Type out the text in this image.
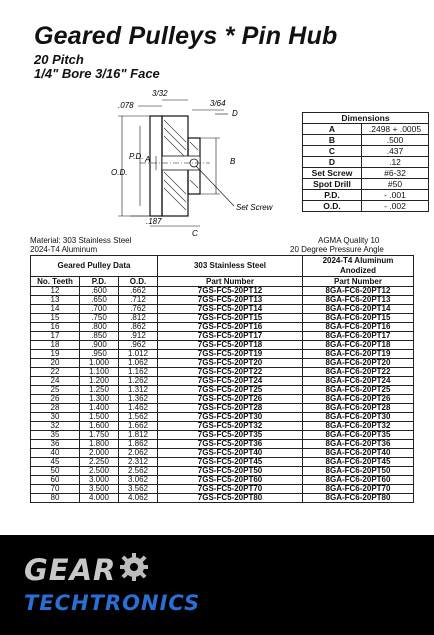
Geared Pulleys * Pin Hub
20 Pitch
1/4" Bore 3/16" Face
3/32
.078	3/64
D
A
P.D.
O.D.
B
Set Screw
C
.187
Dimensions	
A	.2498 + .0005
B	.500
C	.437
D	.12
Set Screw	#6-32
Spot Drill	#50
P.D.	- .001
O.D.	- .002
Material: 303 Stainless Steel
2024-T4 Aluminum
AGMA Quality 10
20 Degree Pressure Angle
Geared Pulley Data			303 Stainless Steel	2024-T4 Aluminum Anodized
No. Teeth	P.D.	O.D.	Part Number	Part Number
12	.600	.662	7GS-FC5-20PT12	8GA-FC6-20PT12
13	.650	.712	7GS-FC5-20PT13	8GA-FC6-20PT13
14	.700	.762	7GS-FC5-20PT14	8GA-FC6-20PT14
15	.750	.812	7GS-FC5-20PT15	8GA-FC6-20PT15
16	.800	.862	7GS-FC5-20PT16	8GA-FC6-20PT16
17	.850	.912	7GS-FC5-20PT17	8GA-FC6-20PT17
18	.900	.962	7GS-FC5-20PT18	8GA-FC6-20PT18
19	.950	1.012	7GS-FC5-20PT19	8GA-FC6-20PT19
20	1.000	1.062	7GS-FC5-20PT20	8GA-FC6-20PT20
22	1.100	1.162	7GS-FC5-20PT22	8GA-FC6-20PT22
24	1.200	1.262	7GS-FC5-20PT24	8GA-FC6-20PT24
25	1.250	1.312	7GS-FC5-20PT25	8GA-FC6-20PT25
26	1.300	1.362	7GS-FC5-20PT26	8GA-FC6-20PT26
28	1.400	1.462	7GS-FC5-20PT28	8GA-FC6-20PT28
30	1.500	1.562	7GS-FC5-20PT30	8GA-FC6-20PT30
32	1.600	1.662	7GS-FC5-20PT32	8GA-FC6-20PT32
35	1.750	1.812	7GS-FC5-20PT35	8GA-FC6-20PT35
36	1.800	1.862	7GS-FC5-20PT36	8GA-FC6-20PT36
40	2.000	2.062	7GS-FC5-20PT40	8GA-FC6-20PT40
45	2.250	2.312	7GS-FC5-20PT45	8GA-FC6-20PT45
50	2.500	2.562	7GS-FC5-20PT50	8GA-FC6-20PT50
60	3.000	3.062	7GS-FC5-20PT60	8GA-FC6-20PT60
70	3.500	3.562	7GS-FC5-20PT70	8GA-FC6-20PT70
80	4.000	4.062	7GS-FC5-20PT80	8GA-FC6-20PT80
GEAR
TECHTRONICS
